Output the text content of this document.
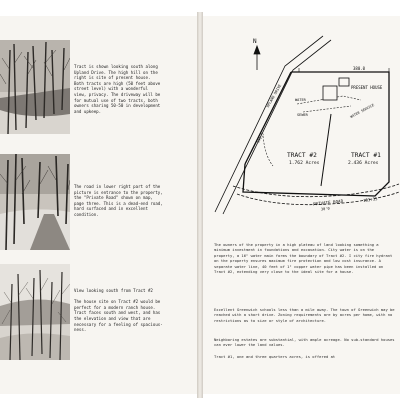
Tract is shown looking south along
Upland Drive. The high hill on the
right is site of present house.
Both tracts are high (50 feet above
street level) with a wonderful
view, privacy. The driveway will be
for mutual use of two tracts, both
owners sharing 50-50 in development
and upkeep.
The road in lower right part of the
picture is entrance to the property,
the "Private Road" shown on map,
page three. This is a dead-end road,
hard surfaced and in excellent
condition.
View looking south from Tract #2

The house site on Tract #2 would be
perfect for a modern ranch house.
Tract faces south and west, and has
the elevation and view that are
necessary for a feeling of spacious-
ness.
N
380.0
PRESENT HOUSE
WATER
SEWER	WATER SERVICE
UPLAND DRIVE
141.5
TRACT #2
1.762 Acres
TRACT #1
2.436 Acres
PRIVATE ROAD
30'0
183.35
The owners of the property in a high plateau of land looking something a minimum investment in foundations and excavation. City water is on the property, a 16" water main forms the boundary of Tract #2. I city fire hydrant on the property ensures maximum fire protection and low cost insurance. A separate water line, 40 feet of 1" copper water pipe has been installed on Tract #2, extending very close to the ideal site for a house.
Excellent Greenwich schools less than a mile away. The town of Greenwich may be reached with a short drive. Zoning requirements are by acres per home, with no restrictions as to size or style of architecture.
Neighboring estates are substantial, with ample acreage. No sub-standard houses can ever lower the land values.
Tract #1, one and three quarters acres, is offered at
